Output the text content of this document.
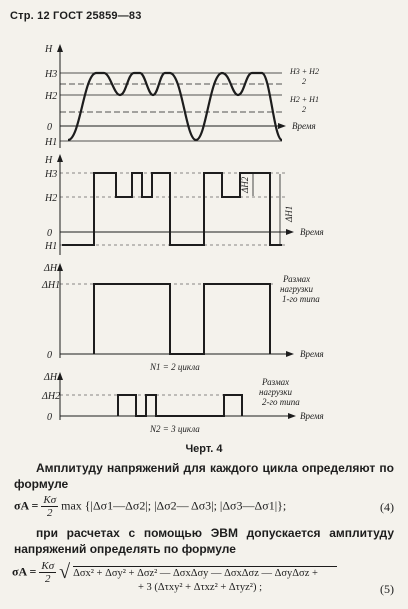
Стр. 12 ГОСТ 25859—83
H
H3
H2
0
H1
H3 + H2
2
H2 + H1
2
Время
H
H3
H2
0
H1
ΔH2
ΔH1
Время
ΔH
ΔH1
0
Размах
нагрузки
1-го типа
Время
N1 = 2 цикла
ΔH
ΔH2
0
Размах
нагрузки
2-го типа
Время
N2 = 3 цикла
Черт. 4
Амплитуду напряжений для каждого цикла определяют по формуле
$\sigma A = \frac{K\sigma}{2}$ max {|Δσ1—Δσ2|; |Δσ2— Δσ3|; |Δσ3—Δσ1|};	(4)
при расчетах с помощью ЭВМ допускается амплитуду напряжений определять по формуле
$\sigma A = \frac{K\sigma}{2}$ √ Δσx² + Δσy² + Δσz² — ΔσxΔσy — ΔσxΔσz — ΔσyΔσz +
+ 3 (Δτxy² + Δτxz² + Δτyz²) ;	(5)
